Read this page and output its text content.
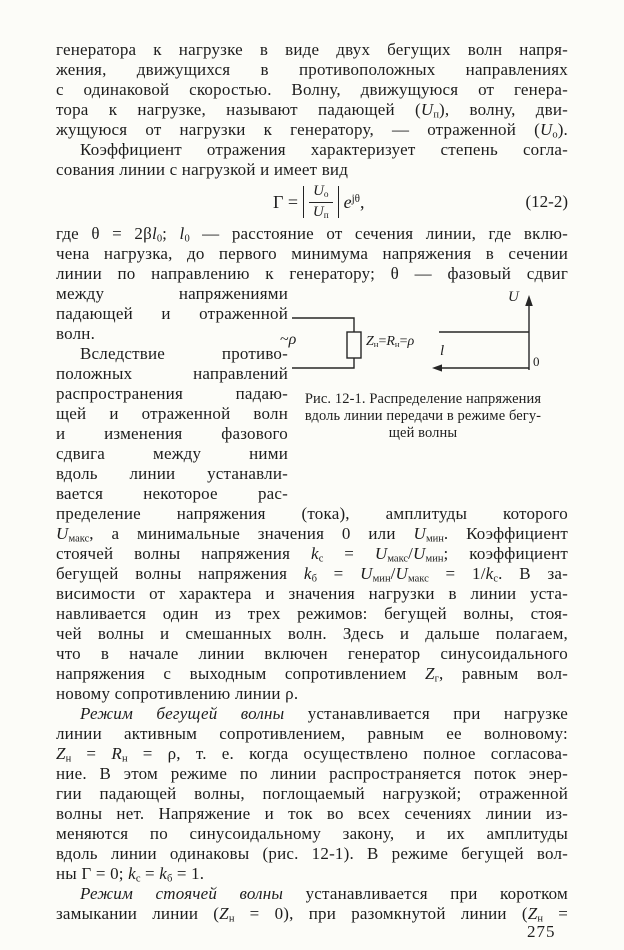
генератора к нагрузке в виде двух бегущих волн напря-
жения, движущихся в противоположных направлениях
с одинаковой скоростью. Волну, движущуюся от генера-
тора к нагрузке, называют падающей (Uп), волну, дви-
жущуюся от нагрузки к генератору, — отраженной (Uо).
Коэффициент отражения характеризует степень согла-
сования линии с нагрузкой и имеет вид
$\Gamma = \frac{Uо}{Uп} e^{j\theta}$,	(12-2)
где θ = 2βl0; l0 — расстояние от сечения линии, где вклю-
чена нагрузка, до первого минимума напряжения в сечении
линии по направлению к генератору; θ — фазовый сдвиг
между напряжениями
падающей и отраженной
волн.
Вследствие противо-
положных направлений
распространения падаю-
щей и отраженной волн
и изменения фазового
сдвига между ними
вдоль линии устанавли-
вается некоторое рас-
~ρ	Zн=Rн=ρ
U
l
0
Рис. 12-1. Распределение напряжения
вдоль линии передачи в режиме бегу-
щей волны
пределение напряжения (тока), амплитуды которого
Uмакс, а минимальные значения 0 или Uмин. Коэффициент
стоячей волны напряжения kс = Uмакс/Uмин; коэффициент
бегущей волны напряжения kб = Uмин/Uмакс = 1/kс. В за-
висимости от характера и значения нагрузки в линии уста-
навливается один из трех режимов: бегущей волны, стоя-
чей волны и смешанных волн. Здесь и дальше полагаем,
что в начале линии включен генератор синусоидального
напряжения с выходным сопротивлением Zг, равным вол-
новому сопротивлению линии ρ.
Режим бегущей волны устанавливается при нагрузке
линии активным сопротивлением, равным ее волновому:
Zн = Rн = ρ, т. е. когда осуществлено полное согласова-
ние. В этом режиме по линии распространяется поток энер-
гии падающей волны, поглощаемый нагрузкой; отраженной
волны нет. Напряжение и ток во всех сечениях линии из-
меняются по синусоидальному закону, и их амплитуды
вдоль линии одинаковы (рис. 12-1). В режиме бегущей вол-
ны Γ = 0; kс = kб = 1.
Режим стоячей волны устанавливается при коротком
замыкании линии (Zн = 0), при разомкнутой линии (Zн =
275
